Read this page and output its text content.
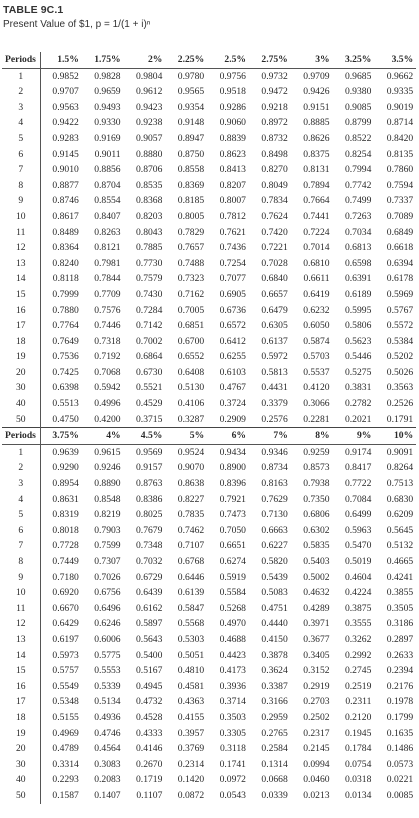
TABLE 9C.1
Present Value of $1, p = 1/(1 + i)ⁿ
Periods	1.5%	1.75%	2%	2.25%	2.5%	2.75%	3%	3.25%	3.5%
1	0.9852	0.9828	0.9804	0.9780	0.9756	0.9732	0.9709	0.9685	0.9662
2	0.9707	0.9659	0.9612	0.9565	0.9518	0.9472	0.9426	0.9380	0.9335
3	0.9563	0.9493	0.9423	0.9354	0.9286	0.9218	0.9151	0.9085	0.9019
4	0.9422	0.9330	0.9238	0.9148	0.9060	0.8972	0.8885	0.8799	0.8714
5	0.9283	0.9169	0.9057	0.8947	0.8839	0.8732	0.8626	0.8522	0.8420
6	0.9145	0.9011	0.8880	0.8750	0.8623	0.8498	0.8375	0.8254	0.8135
7	0.9010	0.8856	0.8706	0.8558	0.8413	0.8270	0.8131	0.7994	0.7860
8	0.8877	0.8704	0.8535	0.8369	0.8207	0.8049	0.7894	0.7742	0.7594
9	0.8746	0.8554	0.8368	0.8185	0.8007	0.7834	0.7664	0.7499	0.7337
10	0.8617	0.8407	0.8203	0.8005	0.7812	0.7624	0.7441	0.7263	0.7089
11	0.8489	0.8263	0.8043	0.7829	0.7621	0.7420	0.7224	0.7034	0.6849
12	0.8364	0.8121	0.7885	0.7657	0.7436	0.7221	0.7014	0.6813	0.6618
13	0.8240	0.7981	0.7730	0.7488	0.7254	0.7028	0.6810	0.6598	0.6394
14	0.8118	0.7844	0.7579	0.7323	0.7077	0.6840	0.6611	0.6391	0.6178
15	0.7999	0.7709	0.7430	0.7162	0.6905	0.6657	0.6419	0.6189	0.5969
16	0.7880	0.7576	0.7284	0.7005	0.6736	0.6479	0.6232	0.5995	0.5767
17	0.7764	0.7446	0.7142	0.6851	0.6572	0.6305	0.6050	0.5806	0.5572
18	0.7649	0.7318	0.7002	0.6700	0.6412	0.6137	0.5874	0.5623	0.5384
19	0.7536	0.7192	0.6864	0.6552	0.6255	0.5972	0.5703	0.5446	0.5202
20	0.7425	0.7068	0.6730	0.6408	0.6103	0.5813	0.5537	0.5275	0.5026
30	0.6398	0.5942	0.5521	0.5130	0.4767	0.4431	0.4120	0.3831	0.3563
40	0.5513	0.4996	0.4529	0.4106	0.3724	0.3379	0.3066	0.2782	0.2526
50	0.4750	0.4200	0.3715	0.3287	0.2909	0.2576	0.2281	0.2021	0.1791
Periods	3.75%	4%	4.5%	5%	6%	7%	8%	9%	10%
1	0.9639	0.9615	0.9569	0.9524	0.9434	0.9346	0.9259	0.9174	0.9091
2	0.9290	0.9246	0.9157	0.9070	0.8900	0.8734	0.8573	0.8417	0.8264
3	0.8954	0.8890	0.8763	0.8638	0.8396	0.8163	0.7938	0.7722	0.7513
4	0.8631	0.8548	0.8386	0.8227	0.7921	0.7629	0.7350	0.7084	0.6830
5	0.8319	0.8219	0.8025	0.7835	0.7473	0.7130	0.6806	0.6499	0.6209
6	0.8018	0.7903	0.7679	0.7462	0.7050	0.6663	0.6302	0.5963	0.5645
7	0.7728	0.7599	0.7348	0.7107	0.6651	0.6227	0.5835	0.5470	0.5132
8	0.7449	0.7307	0.7032	0.6768	0.6274	0.5820	0.5403	0.5019	0.4665
9	0.7180	0.7026	0.6729	0.6446	0.5919	0.5439	0.5002	0.4604	0.4241
10	0.6920	0.6756	0.6439	0.6139	0.5584	0.5083	0.4632	0.4224	0.3855
11	0.6670	0.6496	0.6162	0.5847	0.5268	0.4751	0.4289	0.3875	0.3505
12	0.6429	0.6246	0.5897	0.5568	0.4970	0.4440	0.3971	0.3555	0.3186
13	0.6197	0.6006	0.5643	0.5303	0.4688	0.4150	0.3677	0.3262	0.2897
14	0.5973	0.5775	0.5400	0.5051	0.4423	0.3878	0.3405	0.2992	0.2633
15	0.5757	0.5553	0.5167	0.4810	0.4173	0.3624	0.3152	0.2745	0.2394
16	0.5549	0.5339	0.4945	0.4581	0.3936	0.3387	0.2919	0.2519	0.2176
17	0.5348	0.5134	0.4732	0.4363	0.3714	0.3166	0.2703	0.2311	0.1978
18	0.5155	0.4936	0.4528	0.4155	0.3503	0.2959	0.2502	0.2120	0.1799
19	0.4969	0.4746	0.4333	0.3957	0.3305	0.2765	0.2317	0.1945	0.1635
20	0.4789	0.4564	0.4146	0.3769	0.3118	0.2584	0.2145	0.1784	0.1486
30	0.3314	0.3083	0.2670	0.2314	0.1741	0.1314	0.0994	0.0754	0.0573
40	0.2293	0.2083	0.1719	0.1420	0.0972	0.0668	0.0460	0.0318	0.0221
50	0.1587	0.1407	0.1107	0.0872	0.0543	0.0339	0.0213	0.0134	0.0085
